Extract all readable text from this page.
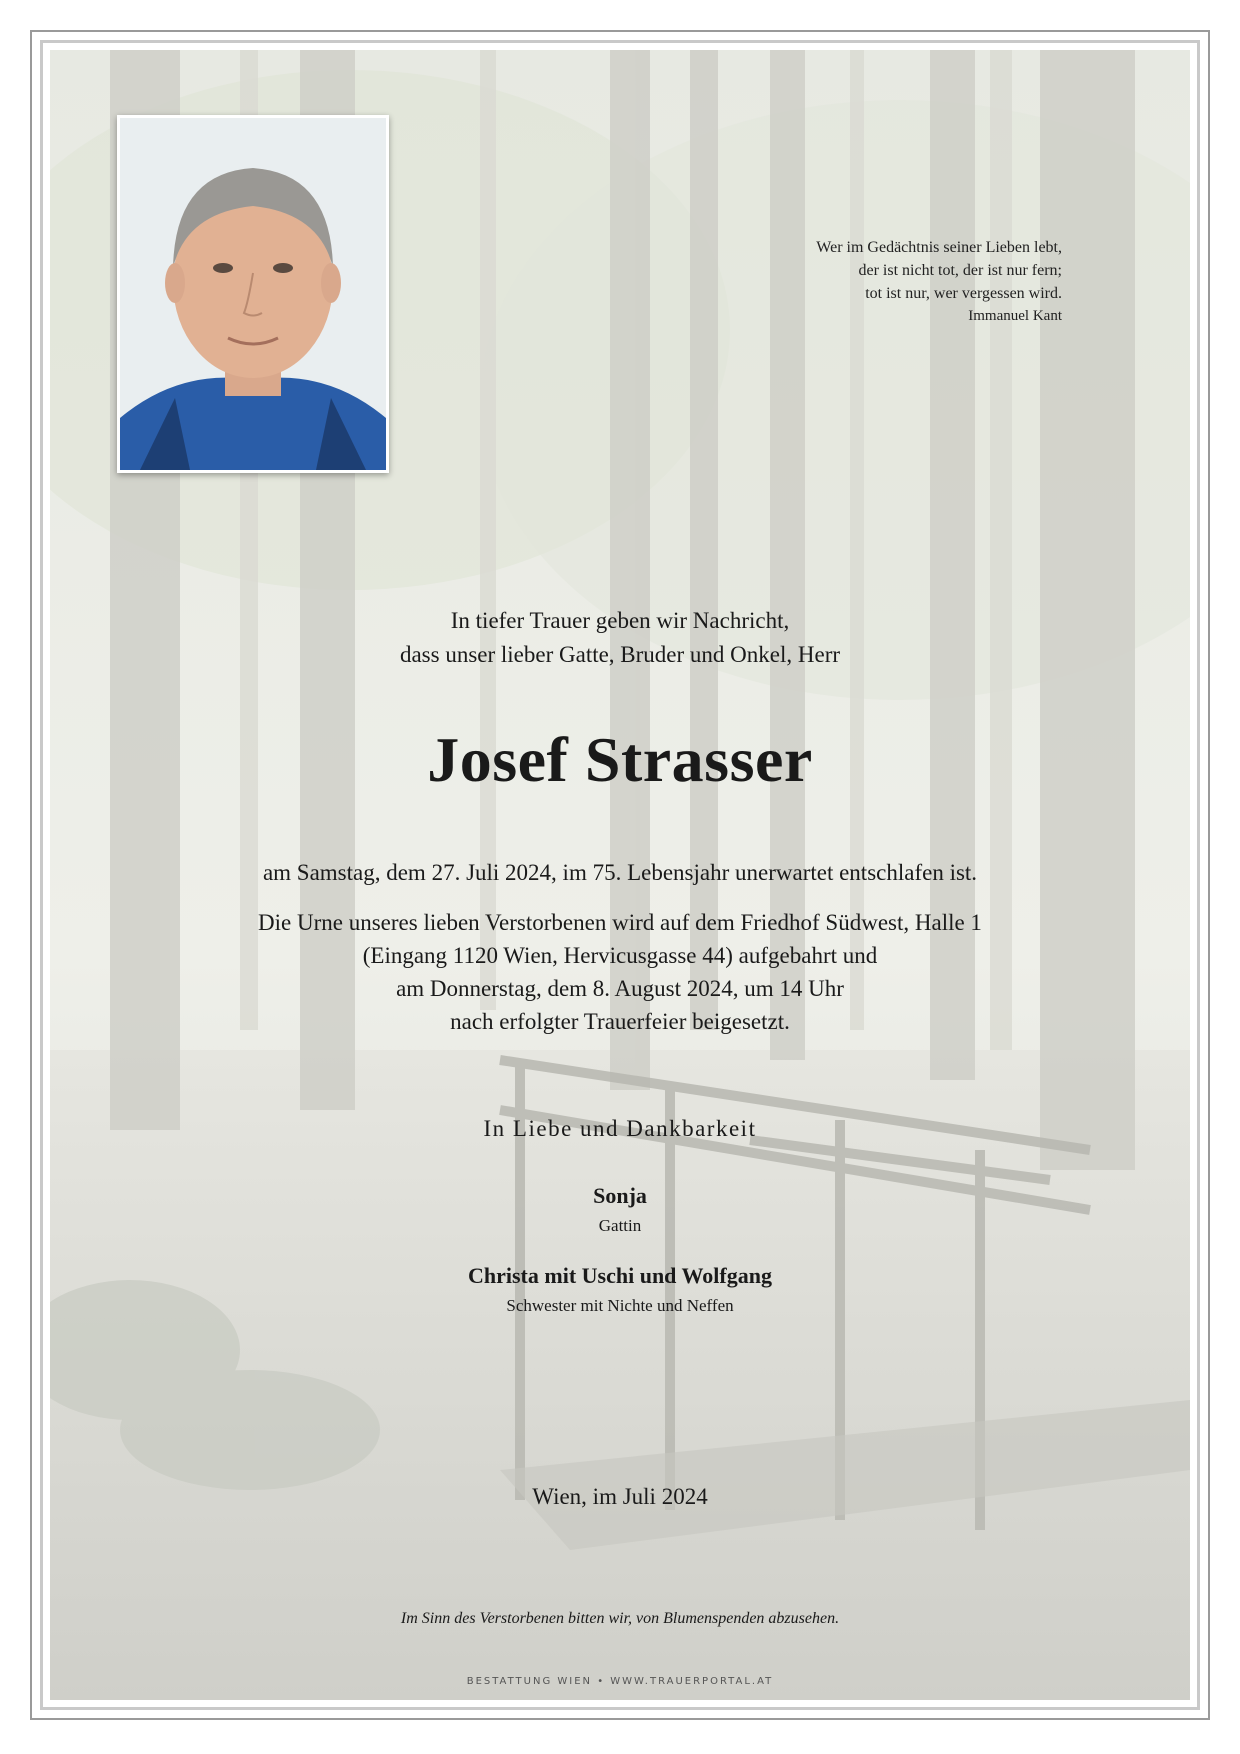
Wer im Gedächtnis seiner Lieben lebt,
der ist nicht tot, der ist nur fern;
tot ist nur, wer vergessen wird.
Immanuel Kant
In tiefer Trauer geben wir Nachricht,
dass unser lieber Gatte, Bruder und Onkel, Herr
Josef Strasser
am Samstag, dem 27. Juli 2024, im 75. Lebensjahr unerwartet entschlafen ist.
Die Urne unseres lieben Verstorbenen wird auf dem Friedhof Südwest, Halle 1
(Eingang 1120 Wien, Hervicusgasse 44) aufgebahrt und
am Donnerstag, dem 8. August 2024, um 14 Uhr
nach erfolgter Trauerfeier beigesetzt.
In Liebe und Dankbarkeit
Sonja
Gattin
Christa mit Uschi und Wolfgang
Schwester mit Nichte und Neffen
Wien, im Juli 2024
Im Sinn des Verstorbenen bitten wir, von Blumenspenden abzusehen.
BESTATTUNG WIEN • WWW.TRAUERPORTAL.AT
